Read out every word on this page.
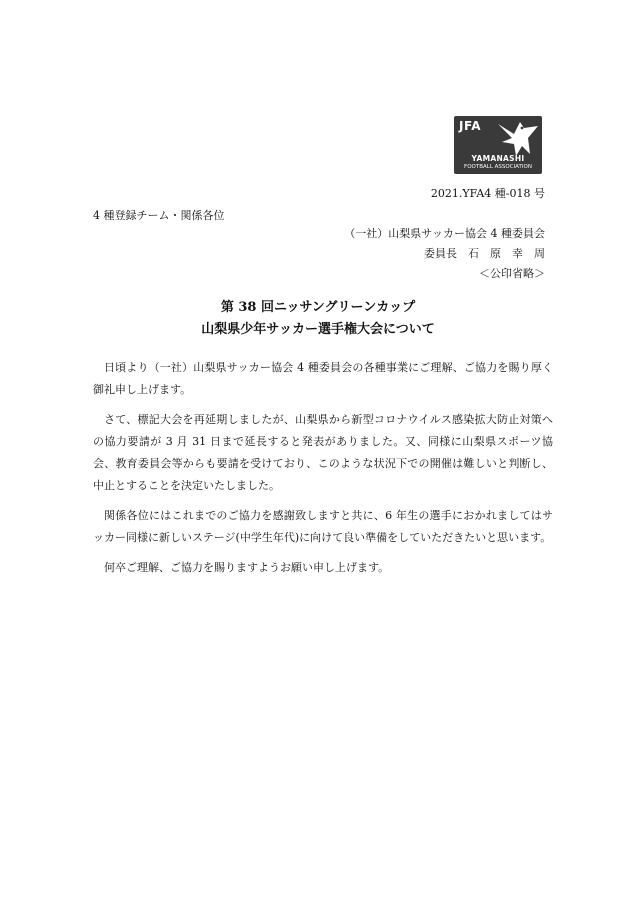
JFA
YAMANASHI
FOOTBALL ASSOCIATION
2021.YFA4 種-018 号
4 種登録チーム・関係各位
（一社）山梨県サッカー協会 4 種委員会
委員長　石　原　幸　周
＜公印省略＞
第 38 回ニッサングリーンカップ
山梨県少年サッカー選手権大会について

日頃より（一社）山梨県サッカー協会 4 種委員会の各種事業にご理解、ご協力を賜り厚く御礼申し上げます。

さて、標記大会を再延期しましたが、山梨県から新型コロナウイルス感染拡大防止対策への協力要請が 3 月 31 日まで延長すると発表がありました。又、同様に山梨県スポーツ協会、教育委員会等からも要請を受けており、このような状況下での開催は難しいと判断し、中止とすることを決定いたしました。

関係各位にはこれまでのご協力を感謝致しますと共に、6 年生の選手におかれましてはサッカー同様に新しいステージ(中学生年代)に向けて良い準備をしていただきたいと思います。

何卒ご理解、ご協力を賜りますようお願い申し上げます。
